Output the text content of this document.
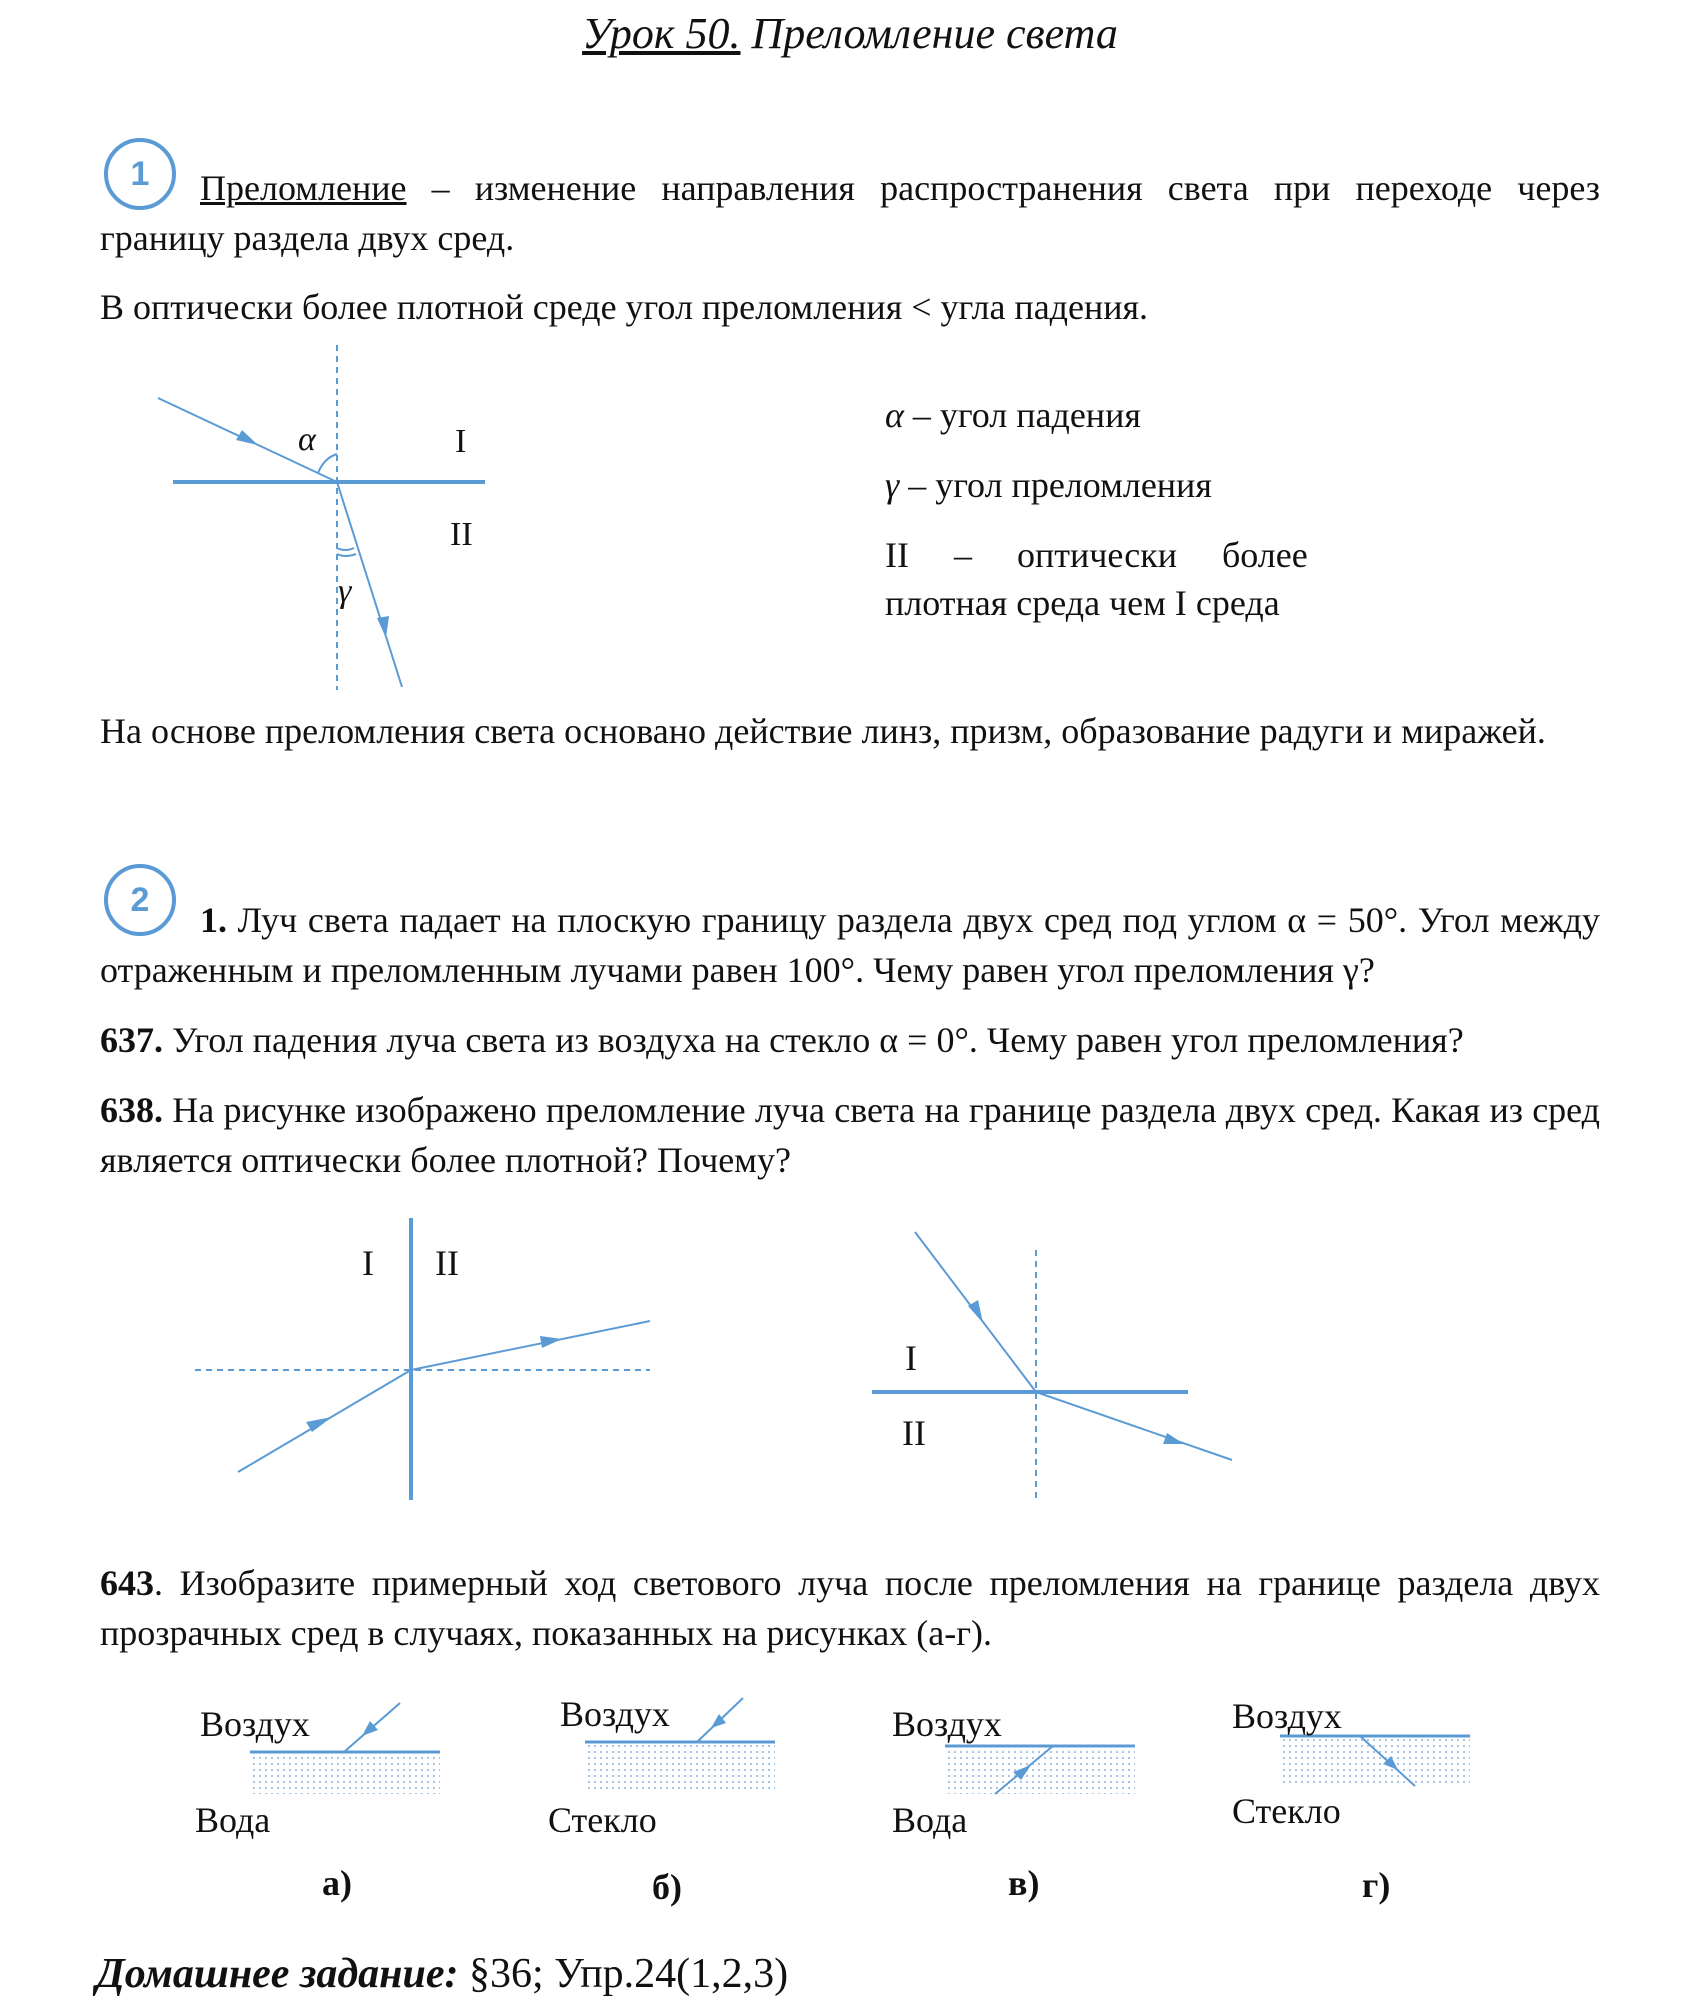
Урок 50. Преломление света
1	Преломление – изменение направления распространения света при переходе через границу раздела двух сред.
В оптически более плотной среде угол преломления < угла падения.
α
γ
I
II
α – угол падения
γ – угол преломления
II     –     оптически     более
плотная среда чем I среда
На основе преломления света основано действие линз, призм, образование радуги и миражей.
2	1. Луч света падает на плоскую границу раздела двух сред под углом α = 50°. Угол между отраженным и преломленным лучами равен 100°. Чему равен угол преломления γ?
637. Угол падения луча света из воздуха на стекло α = 0°. Чему равен угол преломления?
638. На рисунке изображено преломление луча света на границе раздела двух сред. Какая из сред является оптически более плотной? Почему?
I II
I
II
643. Изобразите примерный ход светового луча после преломления на границе раздела двух прозрачных сред в случаях, показанных на рисунках (а-г).
Воздух
Вода
а)
Воздух
Стекло
б)
Воздух
Вода
в)
Воздух
Стекло
г)
Домашнее задание: §36; Упр.24(1,2,3)
